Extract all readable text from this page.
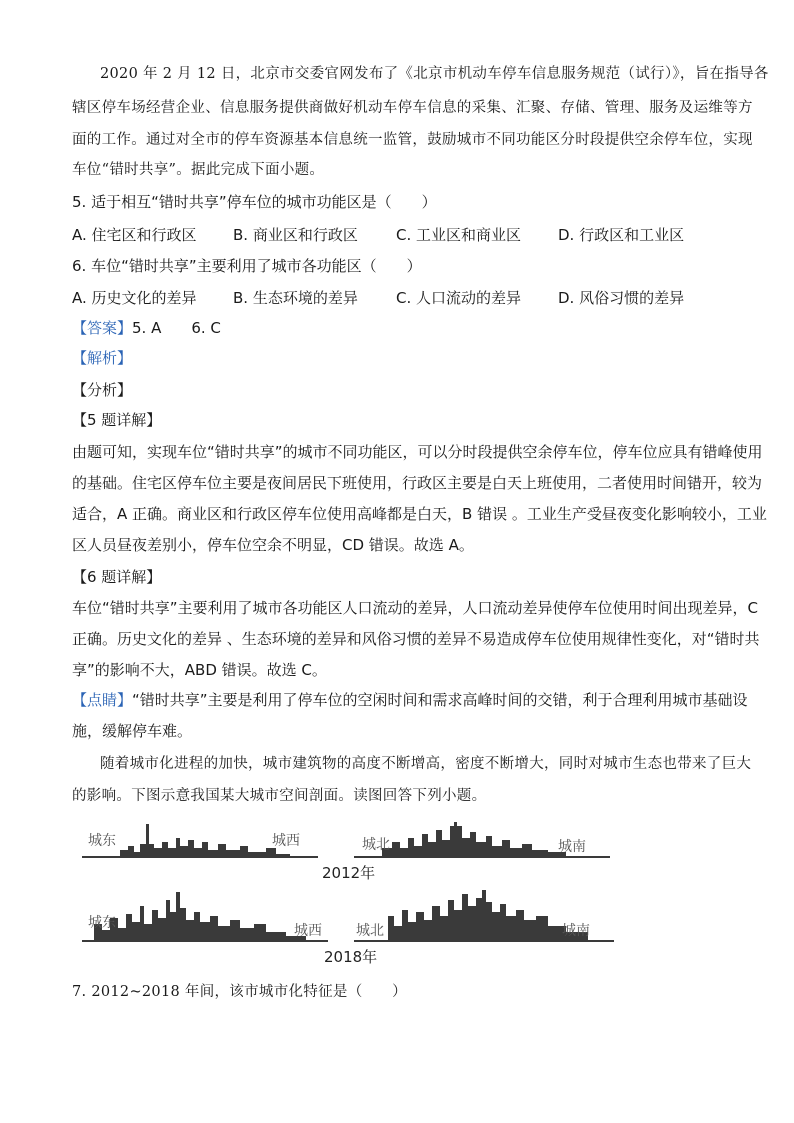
2020 年 2 月 12 日，北京市交委官网发布了《北京市机动车停车信息服务规范（试行）》，旨在指导各
辖区停车场经营企业、信息服务提供商做好机动车停车信息的采集、汇聚、存储、管理、服务及运维等方
面的工作。通过对全市的停车资源基本信息统一监管，鼓励城市不同功能区分时段提供空余停车位，实现
车位“错时共享”。据此完成下面小题。
5. 适于相互“错时共享”停车位的城市功能区是（　　）
A. 住宅区和行政区 B. 商业区和行政区	C. 工业区和商业区 D. 行政区和工业区
6. 车位“错时共享”主要利用了城市各功能区（　　）
A. 历史文化的差异 B. 生态环境的差异	C. 人口流动的差异 D. 风俗习惯的差异
【答案】5. A　　6. C
【解析】
【分析】
【5 题详解】
由题可知，实现车位“错时共享”的城市不同功能区，可以分时段提供空余停车位，停车位应具有错峰使用
的基础。住宅区停车位主要是夜间居民下班使用，行政区主要是白天上班使用，二者使用时间错开，较为
适合，A 正确。商业区和行政区停车位使用高峰都是白天，B 错误 。工业生产受昼夜变化影响较小，工业
区人员昼夜差别小，停车位空余不明显，CD 错误。故选 A。
【6 题详解】
车位“错时共享”主要利用了城市各功能区人口流动的差异，人口流动差异使停车位使用时间出现差异，C
正确。历史文化的差异 、生态环境的差异和风俗习惯的差异不易造成停车位使用规律性变化，对“错时共
享”的影响不大，ABD 错误。故选 C。
【点睛】“错时共享”主要是利用了停车位的空闲时间和需求高峰时间的交错，利于合理利用城市基础设
施，缓解停车难。
随着城市化进程的加快，城市建筑物的高度不断增高，密度不断增大，同时对城市生态也带来了巨大
的影响。下图示意我国某大城市空间剖面。读图回答下列小题。
城东	城西	城北	城南
2012年
城东	城西 城北	城南
2018年
7. 2012~2018 年间，该市城市化特征是（　　）
